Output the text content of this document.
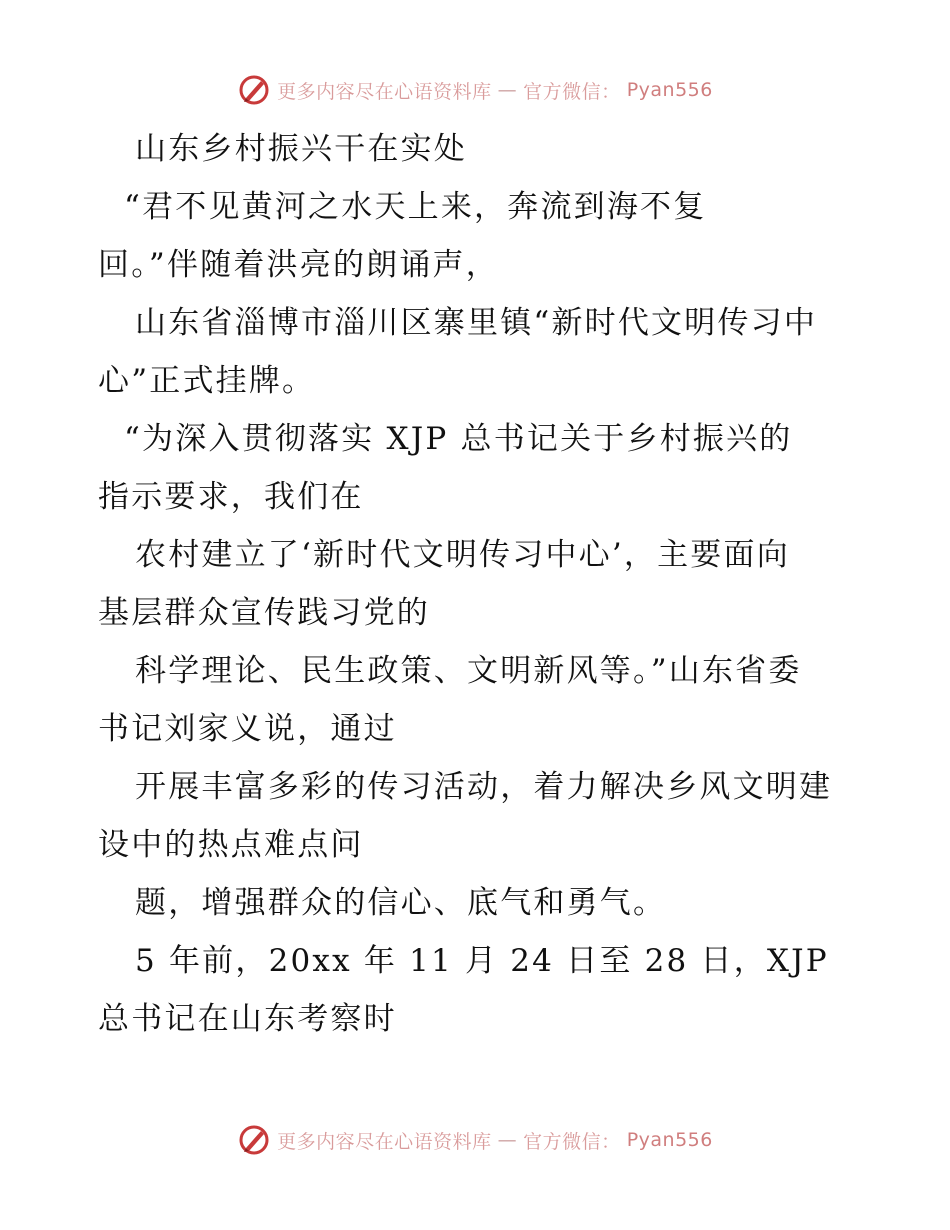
更多内容尽在心语资料库 — 官方微信： Pyan556
山东乡村振兴干在实处
“君不见黄河之水天上来，奔流到海不复
回。”伴随着洪亮的朗诵声，
山东省淄博市淄川区寨里镇“新时代文明传习中
心”正式挂牌。
“为深入贯彻落实 XJP 总书记关于乡村振兴的
指示要求，我们在
农村建立了‘新时代文明传习中心’，主要面向
基层群众宣传践习党的
科学理论、民生政策、文明新风等。”山东省委
书记刘家义说，通过
开展丰富多彩的传习活动，着力解决乡风文明建
设中的热点难点问
题，增强群众的信心、底气和勇气。
5 年前，20xx 年 11 月 24 日至 28 日，XJP
总书记在山东考察时
更多内容尽在心语资料库 — 官方微信： Pyan556
